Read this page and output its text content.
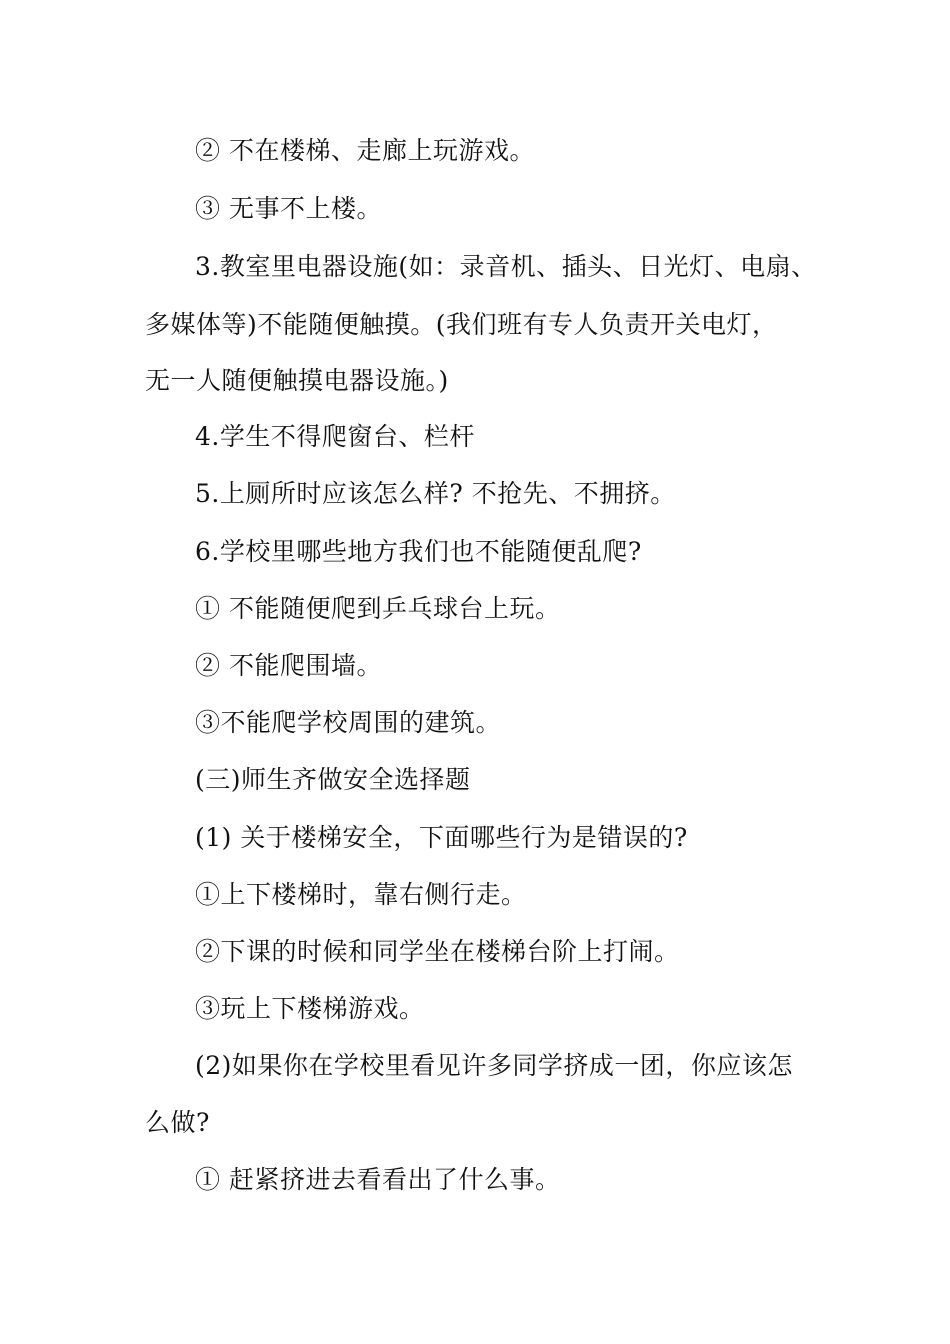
② 不在楼梯、走廊上玩游戏。
③ 无事不上楼。
3.教室里电器设施(如：录音机、插头、日光灯、电扇、
多媒体等)不能随便触摸。(我们班有专人负责开关电灯，
无一人随便触摸电器设施。)
4.学生不得爬窗台、栏杆
5.上厕所时应该怎么样? 不抢先、不拥挤。
6.学校里哪些地方我们也不能随便乱爬?
① 不能随便爬到乒乓球台上玩。
② 不能爬围墙。
③不能爬学校周围的建筑。
(三)师生齐做安全选择题
(1) 关于楼梯安全，下面哪些行为是错误的?
①上下楼梯时，靠右侧行走。
②下课的时候和同学坐在楼梯台阶上打闹。
③玩上下楼梯游戏。
(2)如果你在学校里看见许多同学挤成一团，你应该怎
么做?
① 赶紧挤进去看看出了什么事。
